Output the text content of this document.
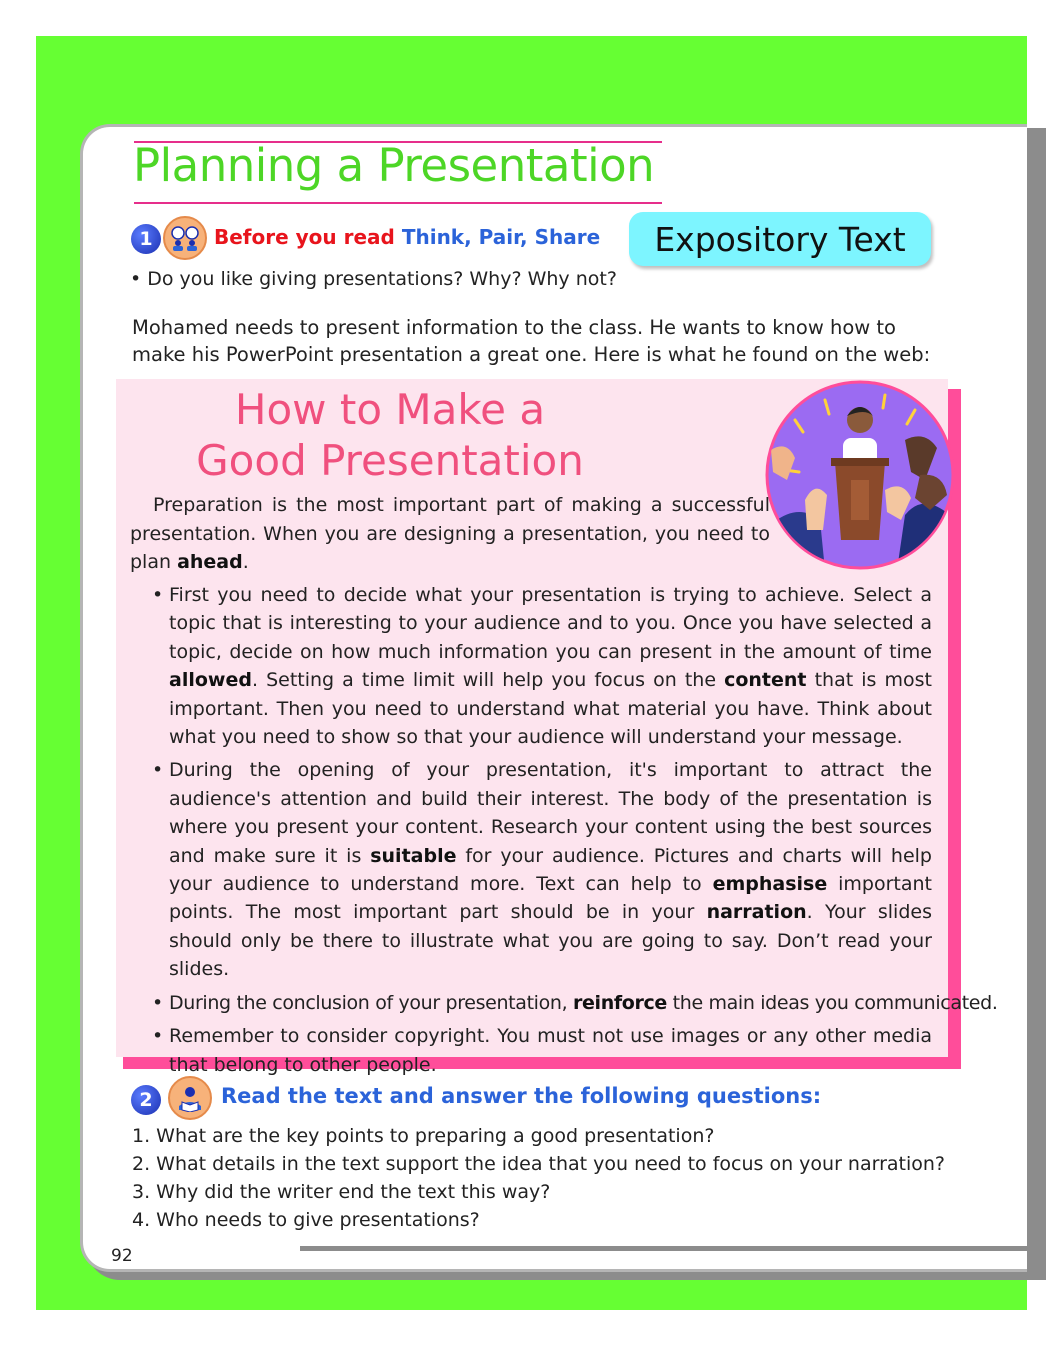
Planning a Presentation
1	Before you read Think, Pair, Share	Expository Text
• Do you like giving presentations? Why? Why not?
Mohamed needs to present information to the class. He wants to know how to make his PowerPoint presentation a great one. Here is what he found on the web:
How to Make a
Good Presentation
Preparation is the most important part of making a successful presentation. When you are designing a presentation, you need to plan ahead.
• First you need to decide what your presentation is trying to achieve. Select a topic that is interesting to your audience and to you. Once you have selected a topic, decide on how much information you can present in the amount of time allowed. Setting a time limit will help you focus on the content that is most important. Then you need to understand what material you have. Think about what you need to show so that your audience will understand your message.
• During the opening of your presentation, it's important to attract the audience's attention and build their interest. The body of the presentation is where you present your content. Research your content using the best sources and make sure it is suitable for your audience. Pictures and charts will help your audience to understand more. Text can help to emphasise important points. The most important part should be in your narration. Your slides should only be there to illustrate what you are going to say. Don’t read your slides.
• During the conclusion of your presentation, reinforce the main ideas you communicated.
• Remember to consider copyright. You must not use images or any other media that belong to other people.
2	Read the text and answer the following questions:
1. What are the key points to preparing a good presentation?
2. What details in the text support the idea that you need to focus on your narration?
3. Why did the writer end the text this way?
4. Who needs to give presentations?
92
